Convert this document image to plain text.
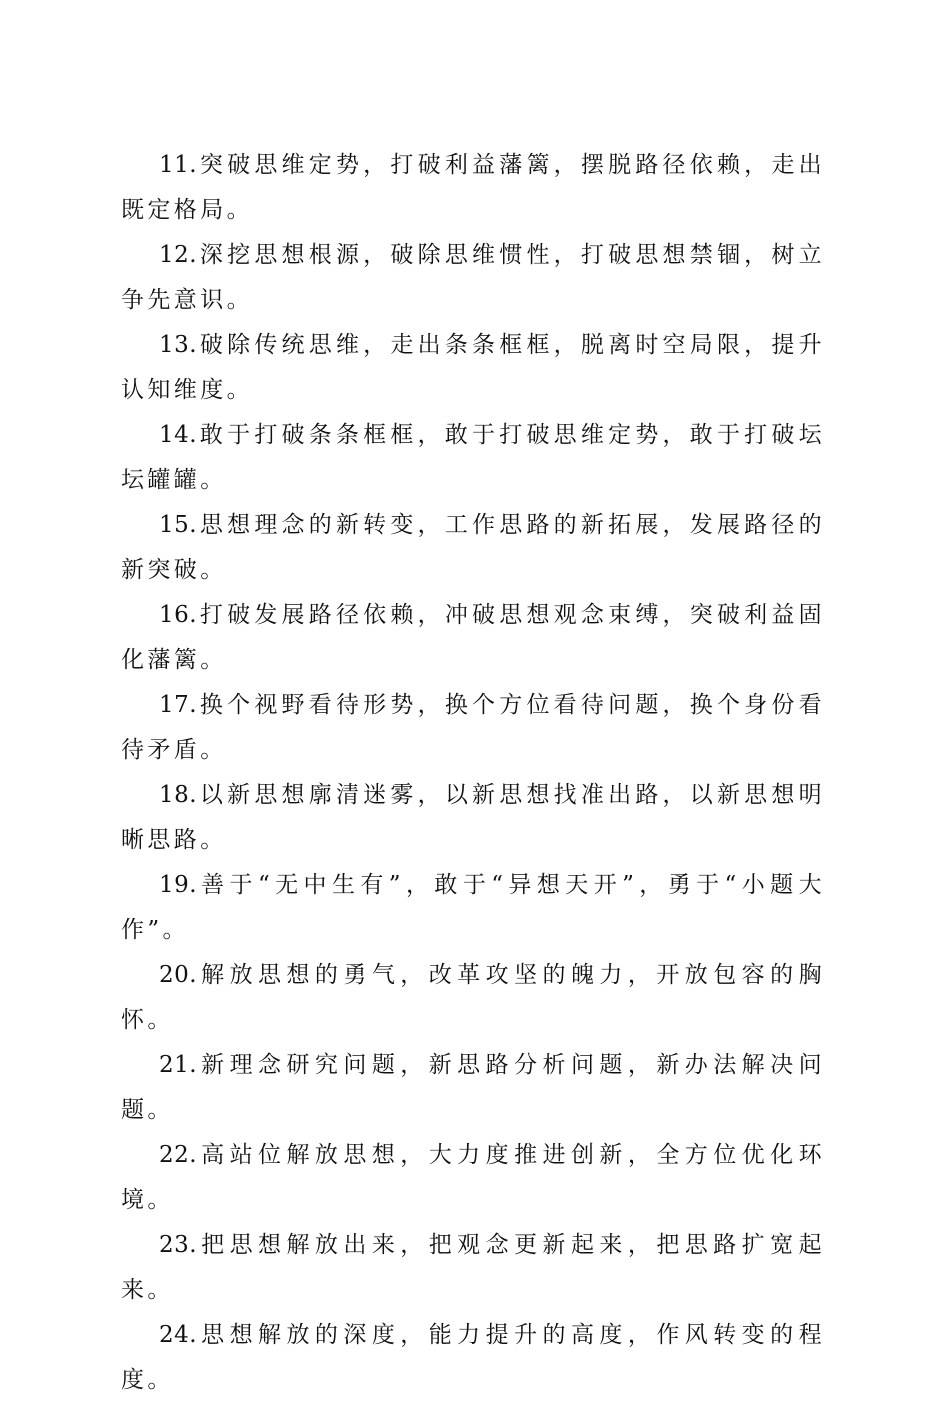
11.突破思维定势，打破利益藩篱，摆脱路径依赖，走出既定格局。

12.深挖思想根源，破除思维惯性，打破思想禁锢，树立争先意识。

13.破除传统思维，走出条条框框，脱离时空局限，提升认知维度。

14.敢于打破条条框框，敢于打破思维定势，敢于打破坛坛罐罐。

15.思想理念的新转变，工作思路的新拓展，发展路径的新突破。

16.打破发展路径依赖，冲破思想观念束缚，突破利益固化藩篱。

17.换个视野看待形势，换个方位看待问题，换个身份看待矛盾。

18.以新思想廓清迷雾，以新思想找准出路，以新思想明晰思路。

19.善于“无中生有”，敢于“异想天开”，勇于“小题大作”。

20.解放思想的勇气，改革攻坚的魄力，开放包容的胸怀。

21.新理念研究问题，新思路分析问题，新办法解决问题。

22.高站位解放思想，大力度推进创新，全方位优化环境。

23.把思想解放出来，把观念更新起来，把思路扩宽起来。

24.思想解放的深度，能力提升的高度，作风转变的程度。
